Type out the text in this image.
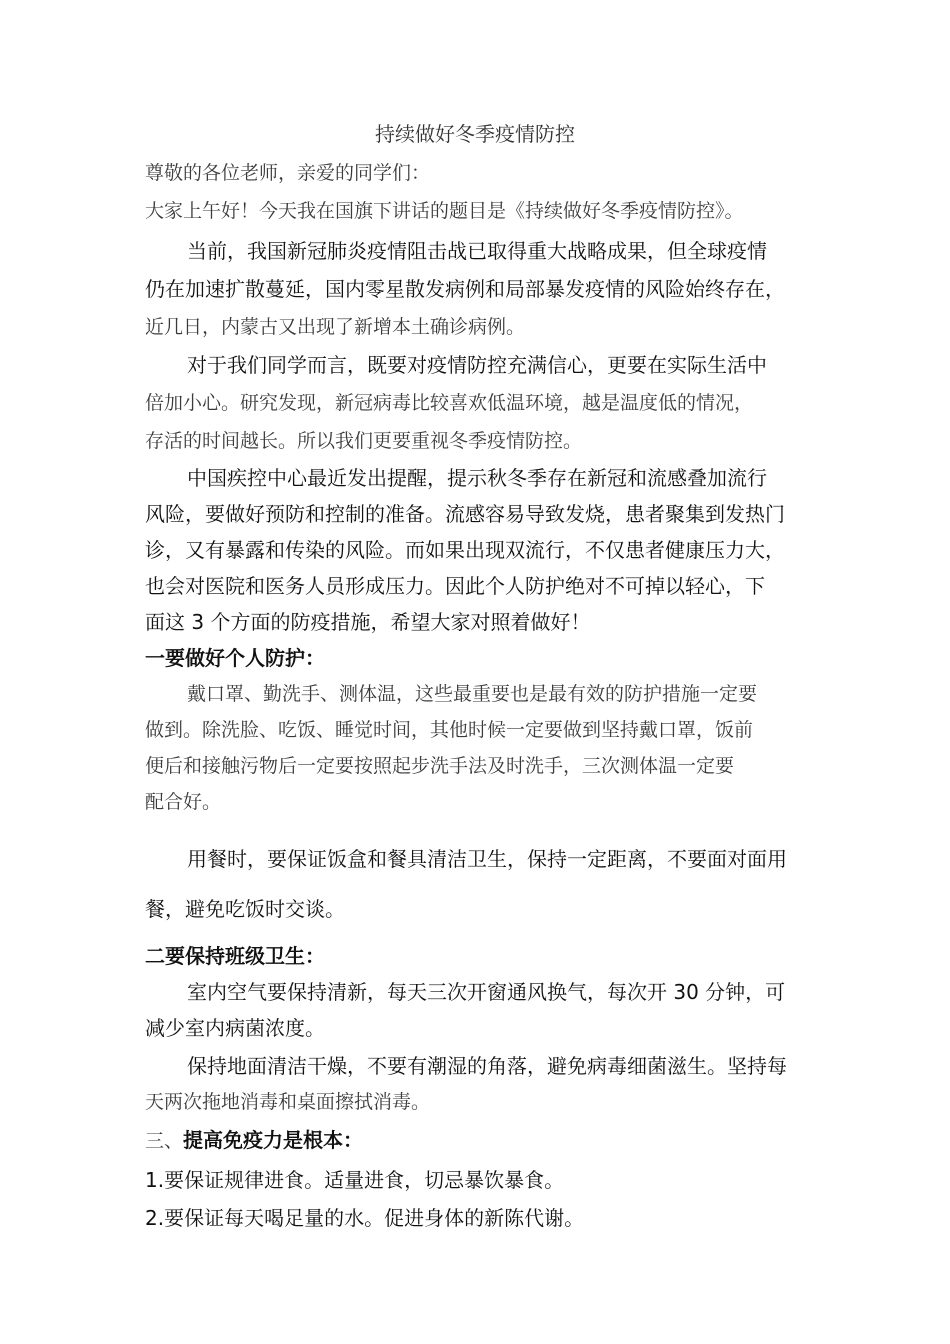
持续做好冬季疫情防控

尊敬的各位老师，亲爱的同学们：

大家上午好！今天我在国旗下讲话的题目是《持续做好冬季疫情防控》。

当前，我国新冠肺炎疫情阻击战已取得重大战略成果，但全球疫情

仍在加速扩散蔓延，国内零星散发病例和局部暴发疫情的风险始终存在，

近几日，内蒙古又出现了新增本土确诊病例。

对于我们同学而言，既要对疫情防控充满信心，更要在实际生活中

倍加小心。研究发现，新冠病毒比较喜欢低温环境，越是温度低的情况，

存活的时间越长。所以我们更要重视冬季疫情防控。

中国疾控中心最近发出提醒，提示秋冬季存在新冠和流感叠加流行

风险，要做好预防和控制的准备。流感容易导致发烧，患者聚集到发热门

诊，又有暴露和传染的风险。而如果出现双流行，不仅患者健康压力大，

也会对医院和医务人员形成压力。因此个人防护绝对不可掉以轻心，下

面这 3 个方面的防疫措施，希望大家对照着做好！

一要做好个人防护：

戴口罩、勤洗手、测体温，这些最重要也是最有效的防护措施一定要

做到。除洗脸、吃饭、睡觉时间，其他时候一定要做到坚持戴口罩，饭前

便后和接触污物后一定要按照起步洗手法及时洗手，三次测体温一定要

配合好。

用餐时，要保证饭盒和餐具清洁卫生，保持一定距离，不要面对面用

餐，避免吃饭时交谈。

二要保持班级卫生：

室内空气要保持清新，每天三次开窗通风换气，每次开 30 分钟，可

减少室内病菌浓度。

保持地面清洁干燥，不要有潮湿的角落，避免病毒细菌滋生。坚持每

天两次拖地消毒和桌面擦拭消毒。

三、提高免疫力是根本：

1.要保证规律进食。适量进食，切忌暴饮暴食。

2.要保证每天喝足量的水。促进身体的新陈代谢。
